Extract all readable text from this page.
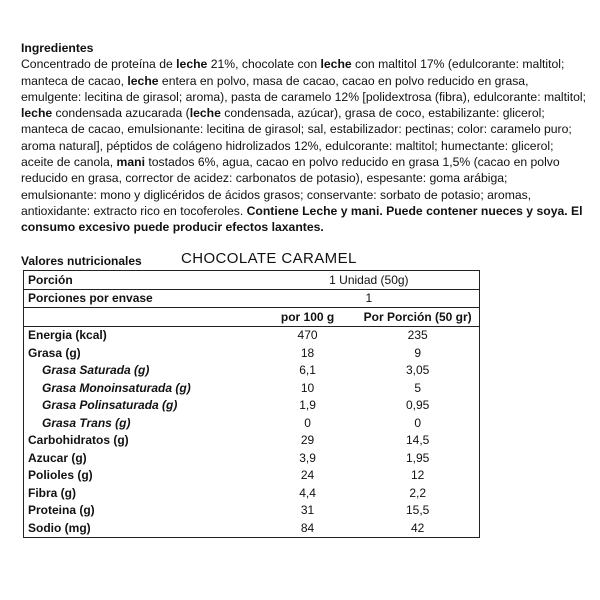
Ingredientes

Concentrado de proteína de leche 21%, chocolate con leche con maltitol 17% (edulcorante: maltitol; manteca de cacao, leche entera en polvo, masa de cacao, cacao en polvo reducido en grasa, emulgente: lecitina de girasol; aroma), pasta de caramelo 12% [polidextrosa (fibra), edulcorante: maltitol; leche condensada azucarada (leche condensada, azúcar), grasa de coco, estabilizante: glicerol; manteca de cacao, emulsionante: lecitina de girasol; sal, estabilizador: pectinas; color: caramelo puro; aroma natural], péptidos de colágeno hidrolizados 12%, edulcorante: maltitol; humectante: glicerol; aceite de canola, mani tostados 6%, agua, cacao en polvo reducido en grasa 1,5% (cacao en polvo reducido en grasa, corrector de acidez: carbonatos de potasio), espesante: goma arábiga; emulsionante: mono y diglicéridos de ácidos grasos; conservante: sorbato de potasio; aromas, antioxidante: extracto rico en tocoferoles. Contiene Leche y mani. Puede contener nueces y soya. El consumo excesivo puede producir efectos laxantes.

Valores nutricionales	CHOCOLATE CARAMEL
Porción	1 Unidad (50g)	
Porciones por envase	1	
	por 100 g	Por Porción (50 gr)
Energia (kcal)	470	235
Grasa (g)	18	9
Grasa Saturada (g)	6,1	3,05
Grasa Monoinsaturada (g)	10	5
Grasa Polinsaturada (g)	1,9	0,95
Grasa Trans (g)	0	0
Carbohidratos (g)	29	14,5
Azucar (g)	3,9	1,95
Polioles (g)	24	12
Fibra (g)	4,4	2,2
Proteina (g)	31	15,5
Sodio (mg)	84	42
